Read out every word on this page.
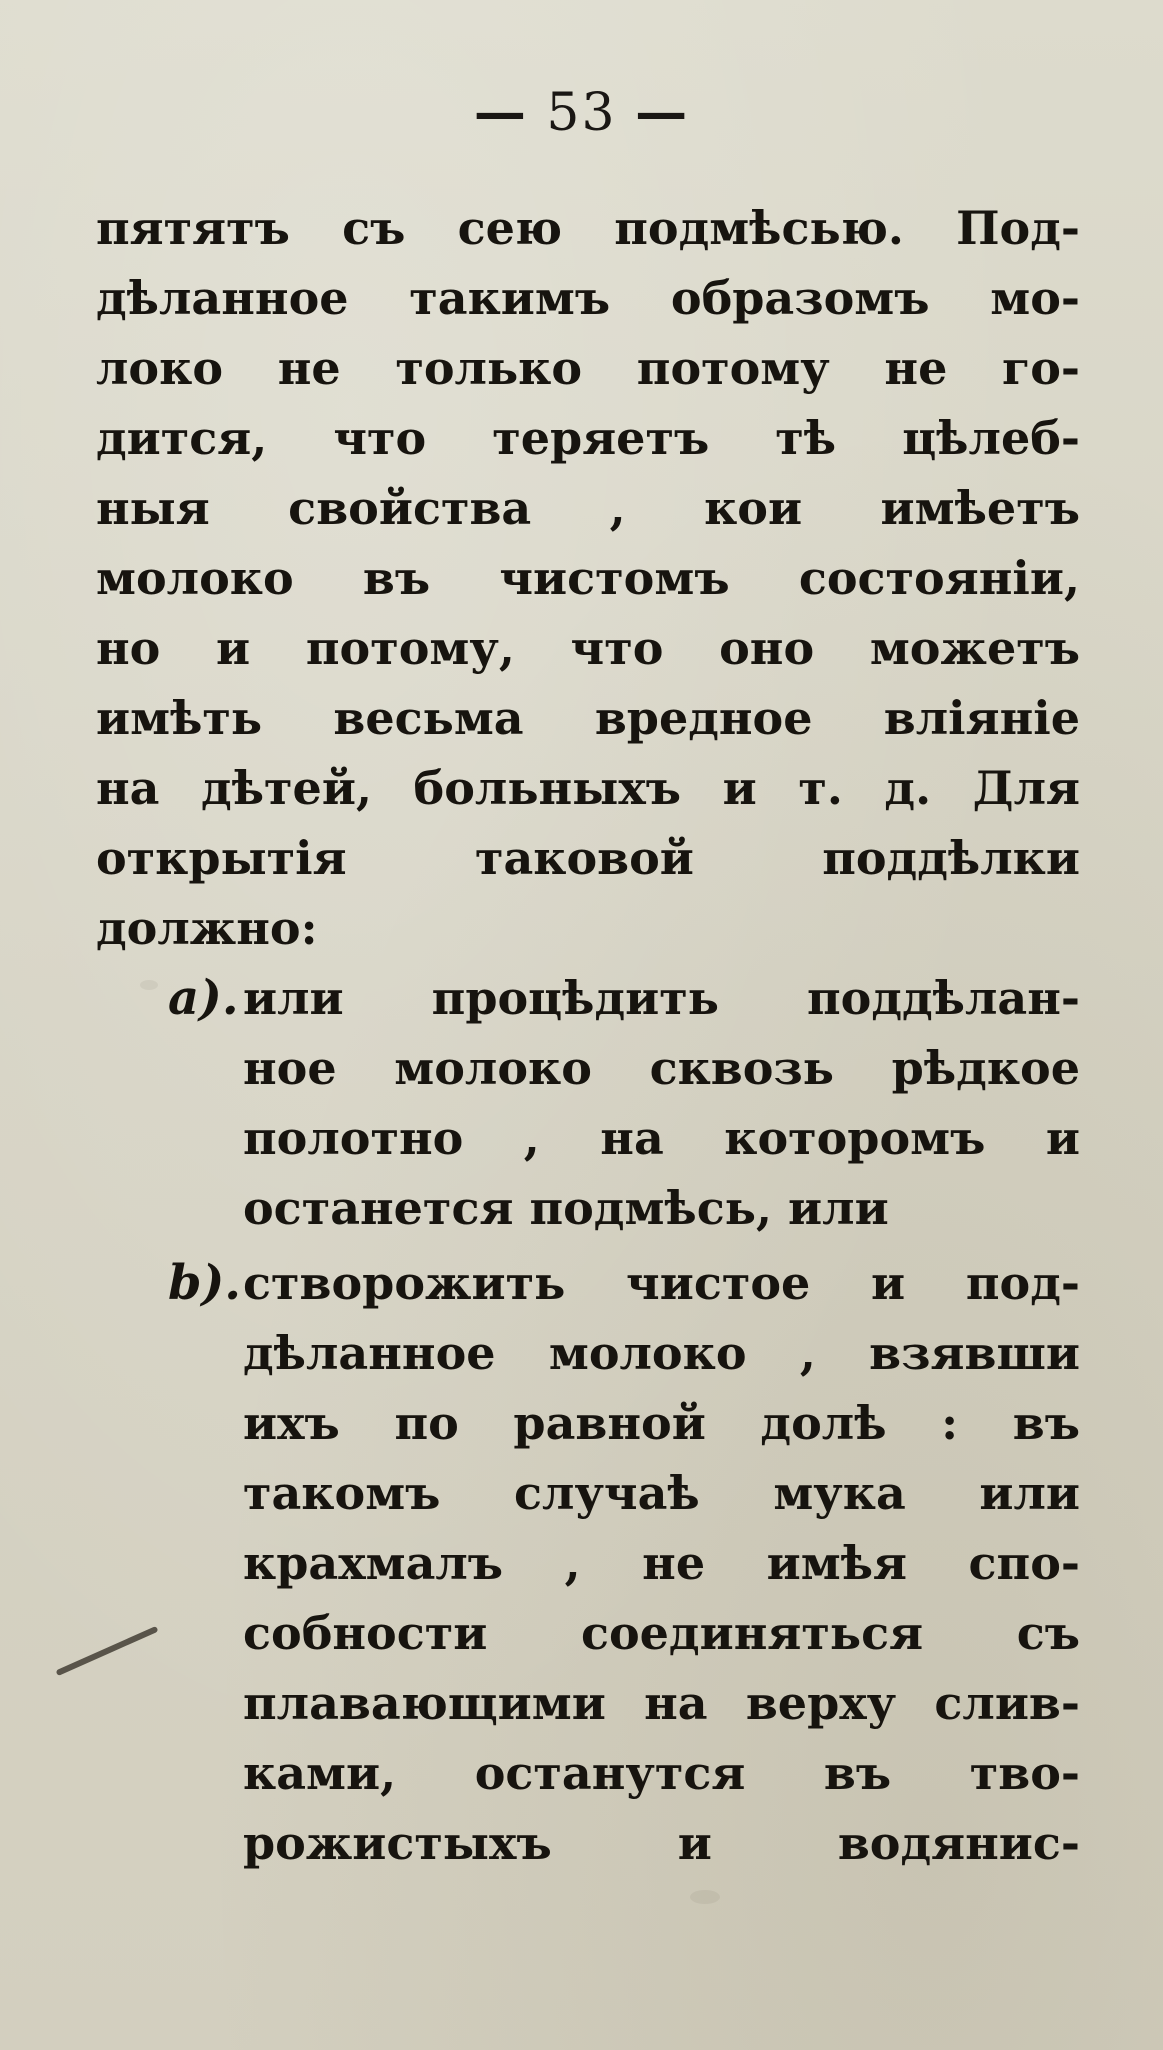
— 53 —
пятятъ съ сею подмѣсью. Под-
дѣланное такимъ образомъ мо-
локо не только потому не го-
дится, что теряетъ тѣ цѣлеб-
ныя свойства , кои имѣетъ
молоко въ чистомъ состояніи,
но и потому, что оно можетъ
имѣть весьма вредное вліяніе
на дѣтей, больныхъ и т. д. Для
открытія таковой поддѣлки
должно:
a). или процѣдить поддѣлан-
ное молоко сквозь рѣдкое
полотно , на которомъ и
останется подмѣсь, или
b). створожить чистое и под-
дѣланное молоко , взявши
ихъ по равной долѣ : въ
такомъ случаѣ мука или
крахмалъ , не имѣя спо-
собности соединяться съ
плавающими на верху слив-
ками, останутся въ тво-
рожистыхъ и водянис-
